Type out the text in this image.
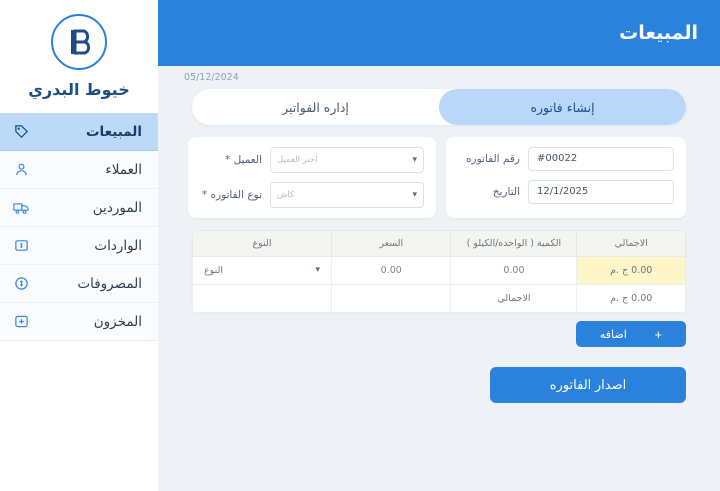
المبيعات
05/12/2024
إنشاء فاتوره
إداره الفواتير
#00022
رقم الفاتوره
12/1/2025
التاريخ
اختر العميل	▾
العميل *
كاش	▾
نوع الفاتوره *
الاجمالي	الكمية ( الواحده/الكيلو )	السعر	النوع
0.00 ج .م	0.00	0.00	النوع ▾

0.00 ج .م	الاجمالي		
+
اضافه
اصدار الفاتوره
خيوط البدري
المبيعات
العملاء
الموردين
الواردات
المصروفات
المخزون
